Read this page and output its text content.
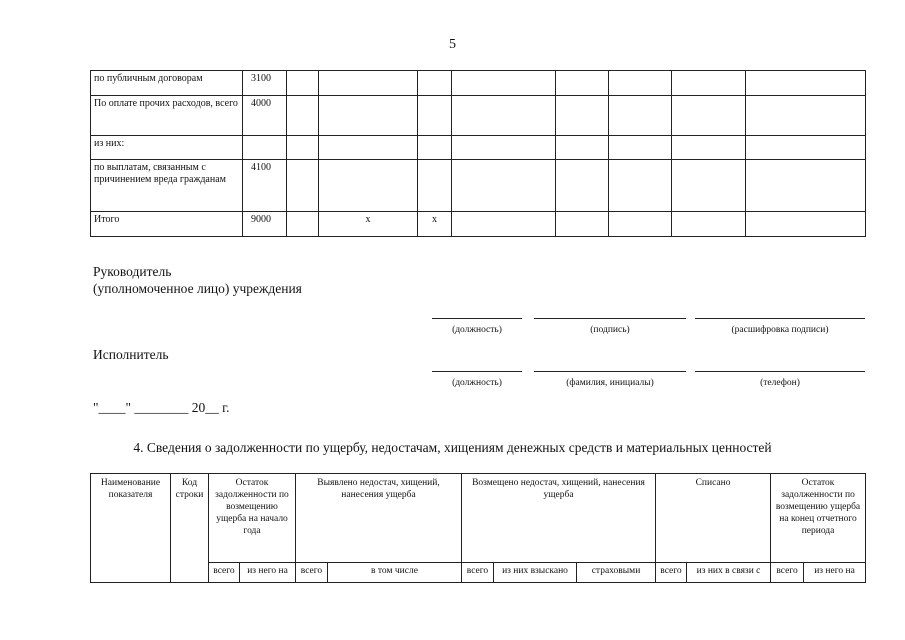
5
по публичным договорам	3100								
По оплате прочих расходов, всего	4000								
из них:									
по выплатам, связанным с причинением вреда гражданам	4100								
Итого	9000		x	x					
Руководитель
(уполномоченное лицо) учреждения
(должность)	(подпись)	(расшифровка подписи)
Исполнитель
(должность)	(фамилия, инициалы)	(телефон)
"____" ________ 20__ г.
4. Сведения о задолженности по ущербу, недостачам, хищениям денежных средств и материальных ценностей
Наименование показателя	Код строки	Остаток задолженности по возмещению ущерба на начало года		Выявлено недостач, хищений, нанесения ущерба		Возмещено недостач, хищений, нанесения ущерба			Списано		Остаток задолженности по возмещению ущерба на конец отчетного периода	
		всего	из него на	всего	в том числе	всего	из них взыскано	страховыми	всего	из них в связи с	всего	из него на
